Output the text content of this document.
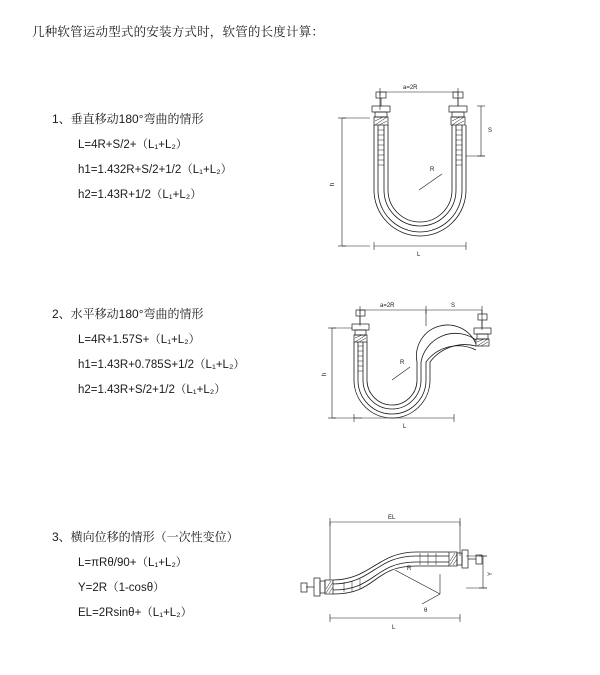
几种软管运动型式的安装方式时，软管的长度计算：
1、垂直移动180°弯曲的情形
L=4R+S/2+（L₁+L₂）
h1=1.432R+S/2+1/2（L₁+L₂）
h2=1.43R+1/2（L₁+L₂）
a=2R
h
S
R
L
2、水平移动180°弯曲的情形
L=4R+1.57S+（L₁+L₂）
h1=1.43R+0.785S+1/2（L₁+L₂）
h2=1.43R+S/2+1/2（L₁+L₂）
a=2R	S
h
R
L
3、横向位移的情形（一次性变位）
L=πRθ/90+（L₁+L₂）
Y=2R（1-cosθ）
EL=2Rsinθ+（L₁+L₂）
EL
Y
R
θ
L
